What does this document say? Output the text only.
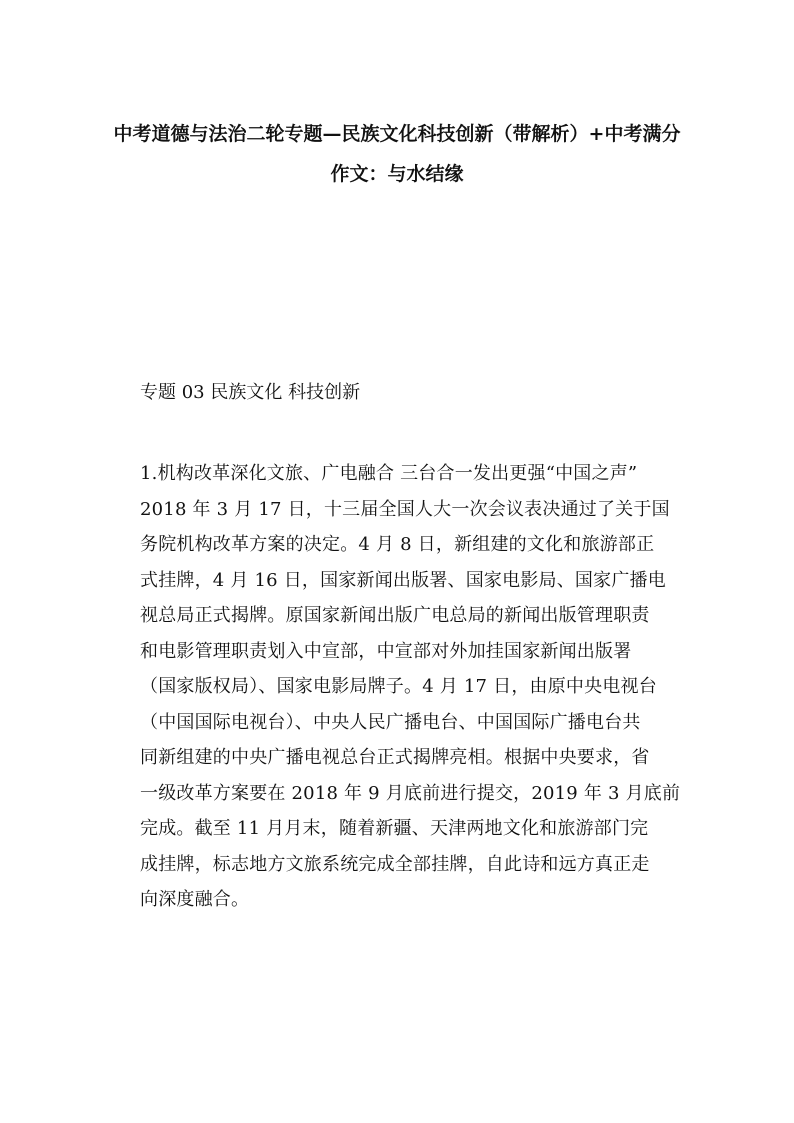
中考道德与法治二轮专题—民族文化科技创新（带解析）+中考满分
作文：与水结缘
专题 03 民族文化 科技创新
1.机构改革深化文旅、广电融合 三台合一发出更强“中国之声”
2018 年 3 月 17 日，十三届全国人大一次会议表决通过了关于国
务院机构改革方案的决定。4 月 8 日，新组建的文化和旅游部正
式挂牌，4 月 16 日，国家新闻出版署、国家电影局、国家广播电
视总局正式揭牌。原国家新闻出版广电总局的新闻出版管理职责
和电影管理职责划入中宣部，中宣部对外加挂国家新闻出版署
（国家版权局）、国家电影局牌子。4 月 17 日，由原中央电视台
（中国国际电视台）、中央人民广播电台、中国国际广播电台共
同新组建的中央广播电视总台正式揭牌亮相。根据中央要求，省
一级改革方案要在 2018 年 9 月底前进行提交，2019 年 3 月底前
完成。截至 11 月月末，随着新疆、天津两地文化和旅游部门完
成挂牌，标志地方文旅系统完成全部挂牌，自此诗和远方真正走
向深度融合。
